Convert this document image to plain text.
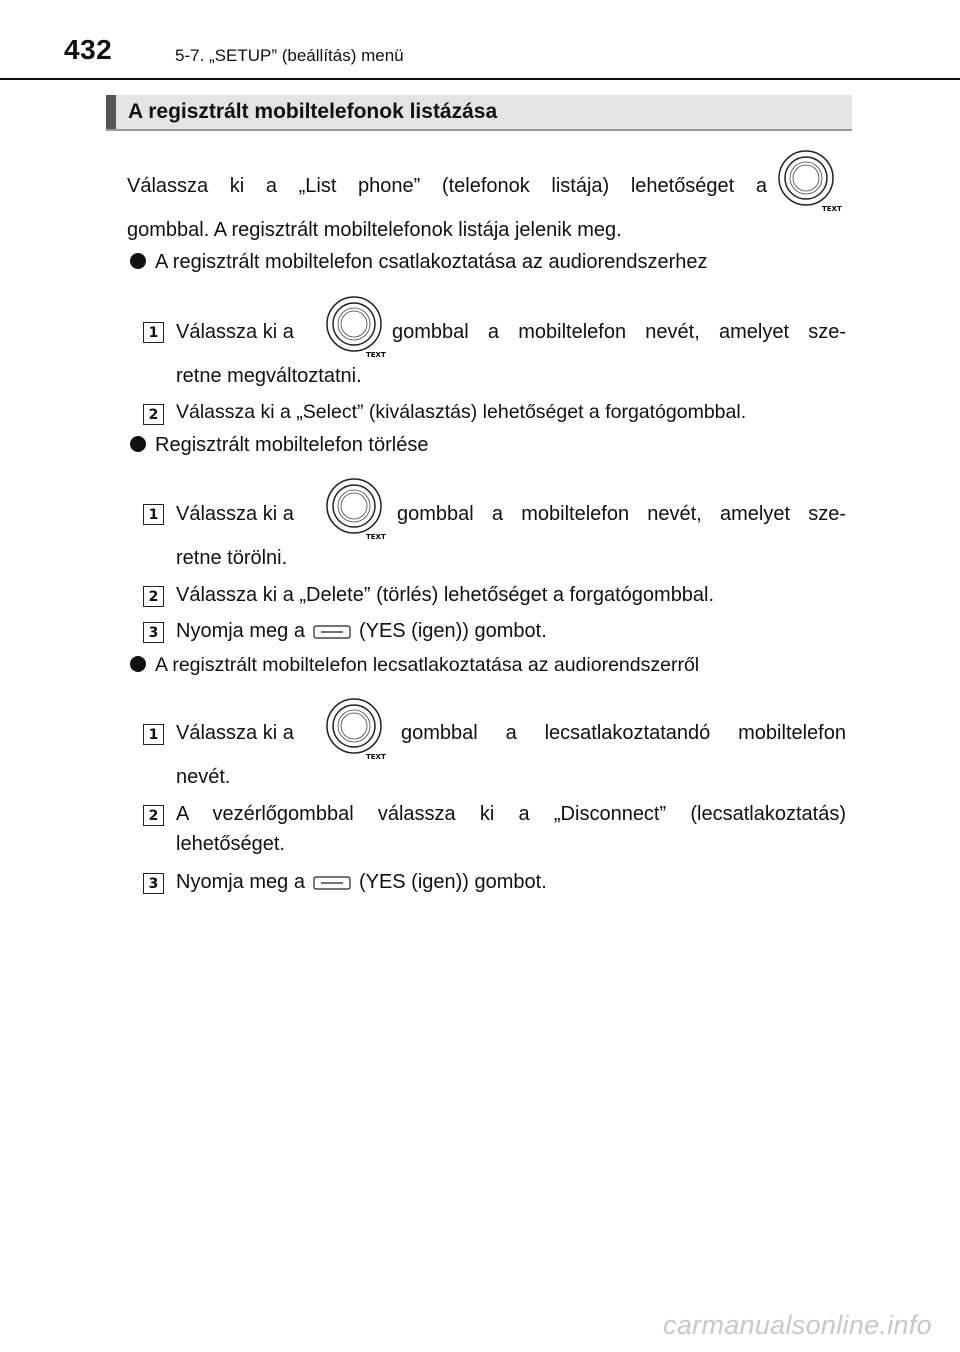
432	5-7. „SETUP” (beállítás) menü
A regisztrált mobiltelefonok listázása
Válassza ki a „List phone” (telefonok listája) lehetőséget a
TEXT
gombbal. A regisztrált mobiltelefonok listája jelenik meg.
A regisztrált mobiltelefon csatlakoztatása az audiorendszerhez
1 Válassza ki a
TEXT
gombbal a mobiltelefon nevét, amelyet sze-
retne megváltoztatni.
2 Válassza ki a „Select” (kiválasztás) lehetőséget a forgatógombbal.
Regisztrált mobiltelefon törlése
1 Válassza ki a
TEXT
gombbal a mobiltelefon nevét, amelyet sze-
retne törölni.
2 Válassza ki a „Delete” (törlés) lehetőséget a forgatógombbal.
3 Nyomja meg a	(YES (igen)) gombot.
A regisztrált mobiltelefon lecsatlakoztatása az audiorendszerről
1 Válassza ki a
TEXT
gombbal a lecsatlakoztatandó mobiltelefon
nevét.
2 A vezérlőgombbal válassza ki a „Disconnect” (lecsatlakoztatás)
lehetőséget.
3 Nyomja meg a	(YES (igen)) gombot.
carmanualsonline.info
